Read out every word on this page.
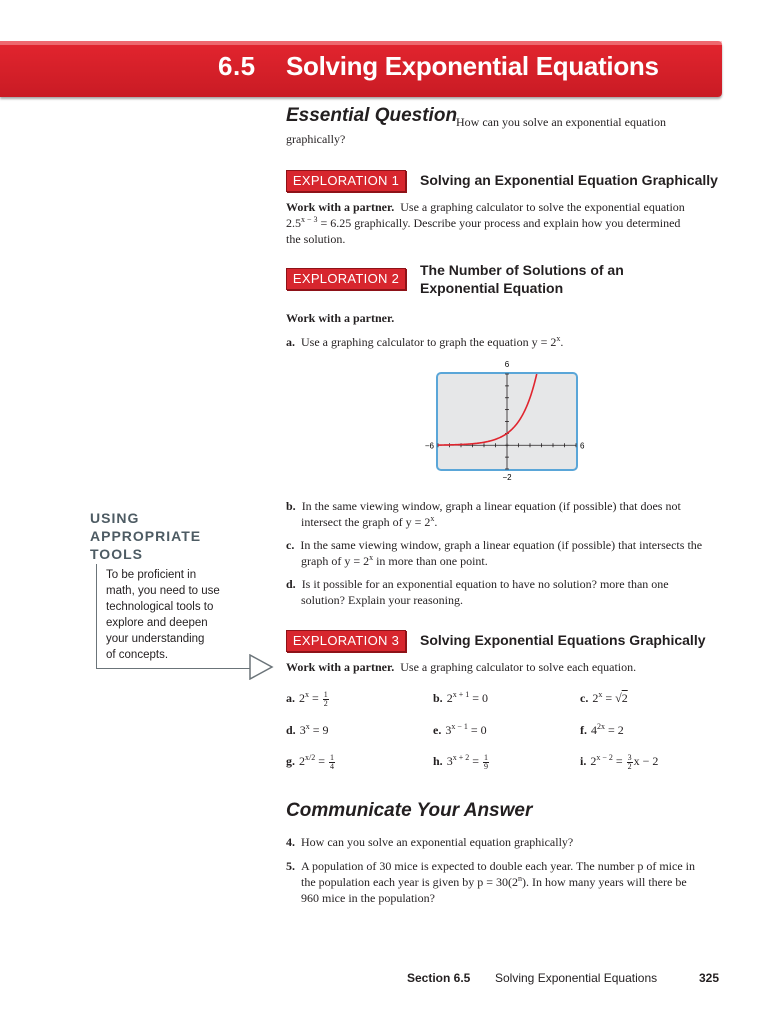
6.5 Solving Exponential Equations
Essential Question
How can you solve an exponential equation
graphically?
EXPLORATION 1	Solving an Exponential Equation Graphically
Work with a partner. Use a graphing calculator to solve the exponential equation
$2.5^{x - 3} = 6.25$ graphically. Describe your process and explain how you determined
the solution.
EXPLORATION 2
The Number of Solutions of an
Exponential Equation
Work with a partner.
a. Use a graphing calculator to graph the equation $y = 2^x$.
6
−2
−6	6
b. In the same viewing window, graph a linear equation (if possible) that does not
intersect the graph of $y = 2^x$.
c. In the same viewing window, graph a linear equation (if possible) that intersects the
graph of $y = 2^x$ in more than one point.
d. Is it possible for an exponential equation to have no solution? more than one
solution? Explain your reasoning.
USING
APPROPRIATE
TOOLS
To be proficient in
math, you need to use
technological tools to
explore and deepen
your understanding
of concepts.
EXPLORATION 3	Solving Exponential Equations Graphically
Work with a partner. Use a graphing calculator to solve each equation.
a. $2^x = \frac{1}{2}$	b. $2^{x + 1} = 0$	c. $2^x = √2$
d. $3^x = 9$	e. $3^{x - 1} = 0$	f. $4^{2x} = 2$
g. $2^{x/2} = \frac{1}{4}$	h. $3^{x + 2} = \frac{1}{9}$	i. $2^{x - 2} = \frac{3}{2}$ x − 2
Communicate Your Answer
4. How can you solve an exponential equation graphically?
5. A population of 30 mice is expected to double each year. The number p of mice in
the population each year is given by $p = 30(2^n)$. In how many years will there be
960 mice in the population?
Section 6.5 Solving Exponential Equations	325
